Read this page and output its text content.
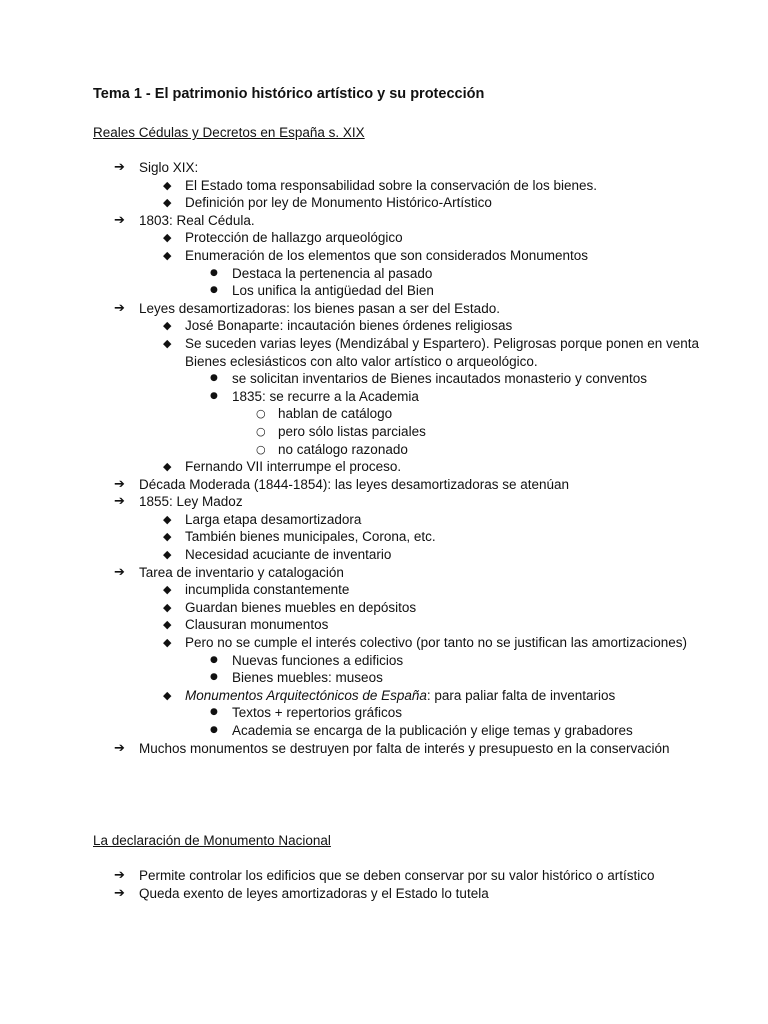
Tema 1 - El patrimonio histórico artístico y su protección
Reales Cédulas y Decretos en España s. XIX
➔	Siglo XIX:
◆	El Estado toma responsabilidad sobre la conservación de los bienes.
◆	Definición por ley de Monumento Histórico-Artístico
➔	1803: Real Cédula.
◆	Protección de hallazgo arqueológico
◆	Enumeración de los elementos que son considerados Monumentos
●	Destaca la pertenencia al pasado
●	Los unifica la antigüedad del Bien
➔	Leyes desamortizadoras: los bienes pasan a ser del Estado.
◆	José Bonaparte: incautación bienes órdenes religiosas
◆	Se suceden varias leyes (Mendizábal y Espartero). Peligrosas porque ponen en venta Bienes eclesiásticos con alto valor artístico o arqueológico.
●	se solicitan inventarios de Bienes incautados monasterio y conventos
●	1835: se recurre a la Academia
○ hablan de catálogo
○ pero sólo listas parciales
○ no catálogo razonado
◆	Fernando VII interrumpe el proceso.
➔	Década Moderada (1844-1854): las leyes desamortizadoras se atenúan
➔	1855: Ley Madoz
◆	Larga etapa desamortizadora
◆	También bienes municipales, Corona, etc.
◆	Necesidad acuciante de inventario
➔	Tarea de inventario y catalogación
◆	incumplida constantemente
◆	Guardan bienes muebles en depósitos
◆	Clausuran monumentos
◆	Pero no se cumple el interés colectivo (por tanto no se justifican las amortizaciones)
●	Nuevas funciones a edificios
●	Bienes muebles: museos
◆	Monumentos Arquitectónicos de España: para paliar falta de inventarios
●	Textos + repertorios gráficos
●	Academia se encarga de la publicación y elige temas y grabadores
➔	Muchos monumentos se destruyen por falta de interés y presupuesto en la conservación
La declaración de Monumento Nacional
➔	Permite controlar los edificios que se deben conservar por su valor histórico o artístico
➔	Queda exento de leyes amortizadoras y el Estado lo tutela
